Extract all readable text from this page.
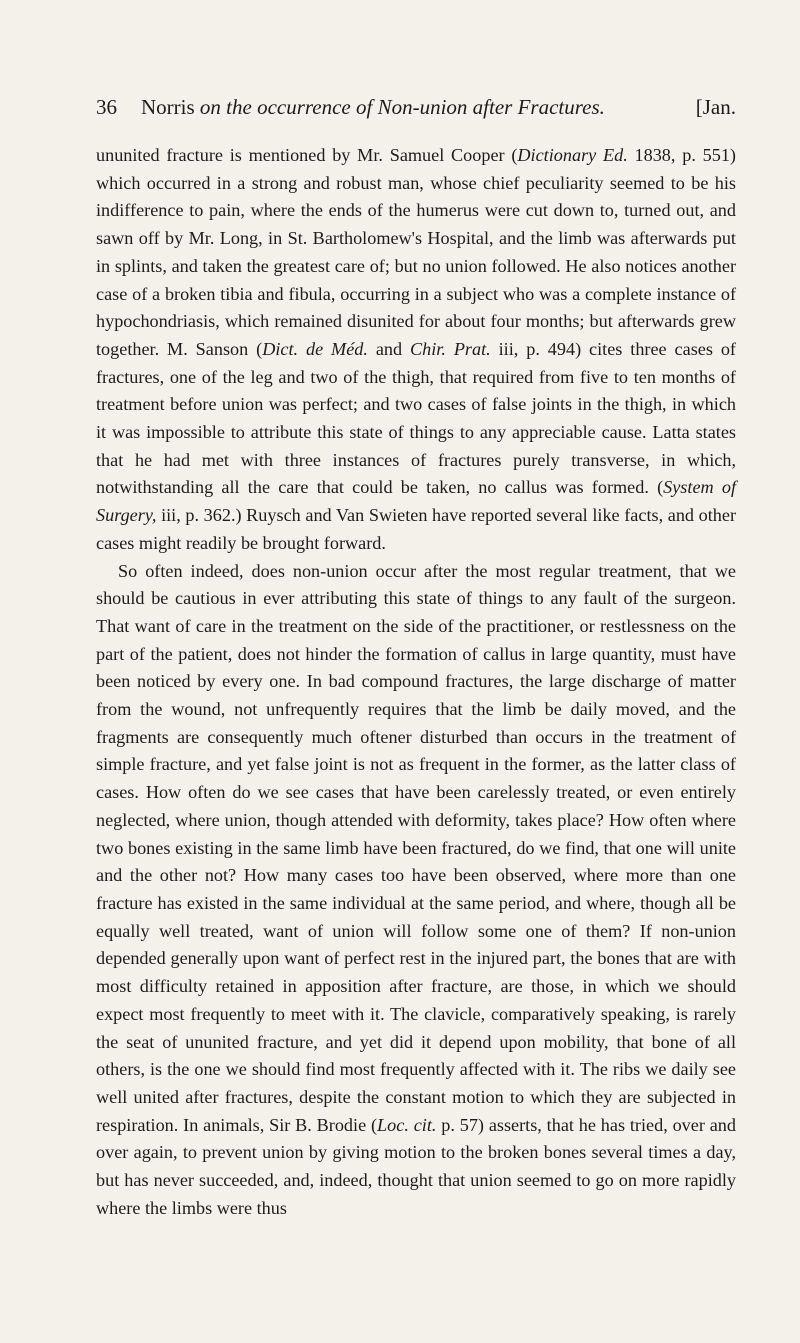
36 Norris on the occurrence of Non-union after Fractures.	[Jan.

ununited fracture is mentioned by Mr. Samuel Cooper (Dictionary Ed. 1838, p. 551) which occurred in a strong and robust man, whose chief peculiarity seemed to be his indifference to pain, where the ends of the humerus were cut down to, turned out, and sawn off by Mr. Long, in St. Bartholomew's Hospital, and the limb was afterwards put in splints, and taken the greatest care of; but no union followed. He also notices another case of a broken tibia and fibula, occurring in a subject who was a complete instance of hypochondriasis, which remained disunited for about four months; but afterwards grew together. M. Sanson (Dict. de Méd. and Chir. Prat. iii, p. 494) cites three cases of fractures, one of the leg and two of the thigh, that required from five to ten months of treatment before union was perfect; and two cases of false joints in the thigh, in which it was impossible to attribute this state of things to any appreciable cause. Latta states that he had met with three instances of fractures purely transverse, in which, notwithstanding all the care that could be taken, no callus was formed. (System of Surgery, iii, p. 362.) Ruysch and Van Swieten have reported several like facts, and other cases might readily be brought forward.

So often indeed, does non-union occur after the most regular treatment, that we should be cautious in ever attributing this state of things to any fault of the surgeon. That want of care in the treatment on the side of the practitioner, or restlessness on the part of the patient, does not hinder the formation of callus in large quantity, must have been noticed by every one. In bad compound fractures, the large discharge of matter from the wound, not unfrequently requires that the limb be daily moved, and the fragments are consequently much oftener disturbed than occurs in the treatment of simple fracture, and yet false joint is not as frequent in the former, as the latter class of cases. How often do we see cases that have been carelessly treated, or even entirely neglected, where union, though attended with deformity, takes place? How often where two bones existing in the same limb have been fractured, do we find, that one will unite and the other not? How many cases too have been observed, where more than one fracture has existed in the same individual at the same period, and where, though all be equally well treated, want of union will follow some one of them? If non-union depended generally upon want of perfect rest in the injured part, the bones that are with most difficulty retained in apposition after fracture, are those, in which we should expect most frequently to meet with it. The clavicle, comparatively speaking, is rarely the seat of ununited fracture, and yet did it depend upon mobility, that bone of all others, is the one we should find most frequently affected with it. The ribs we daily see well united after fractures, despite the constant motion to which they are subjected in respiration. In animals, Sir B. Brodie (Loc. cit. p. 57) asserts, that he has tried, over and over again, to prevent union by giving motion to the broken bones several times a day, but has never succeeded, and, indeed, thought that union seemed to go on more rapidly where the limbs were thus
